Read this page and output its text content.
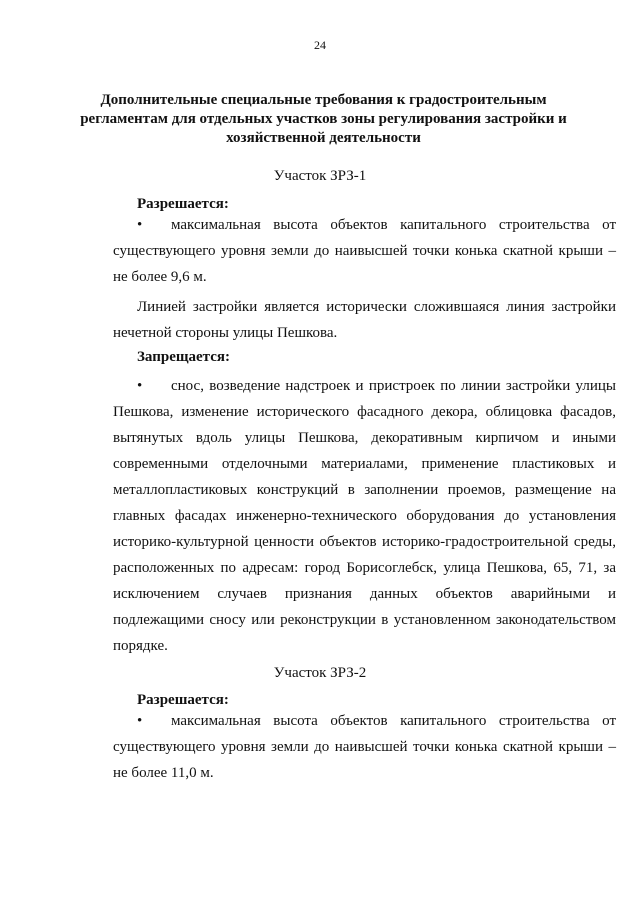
24
Дополнительные специальные требования к градостроительным регламентам для отдельных участков зоны регулирования застройки и хозяйственной деятельности
Участок ЗРЗ-1
Разрешается:
• максимальная высота объектов капитального строительства от существующего уровня земли до наивысшей точки конька скатной крыши – не более 9,6 м.
Линией застройки является исторически сложившаяся линия застройки нечетной стороны улицы Пешкова.
Запрещается:
• снос, возведение надстроек и пристроек по линии застройки улицы Пешкова, изменение исторического фасадного декора, облицовка фасадов, вытянутых вдоль улицы Пешкова, декоративным кирпичом и иными современными отделочными материалами, применение пластиковых и металлопластиковых конструкций в заполнении проемов, размещение на главных фасадах инженерно-технического оборудования до установления историко-культурной ценности объектов историко-градостроительной среды, расположенных по адресам: город Борисоглебск, улица Пешкова, 65, 71, за исключением случаев признания данных объектов аварийными и подлежащими сносу или реконструкции в установленном законодательством порядке.
Участок ЗРЗ-2
Разрешается:
• максимальная высота объектов капитального строительства от существующего уровня земли до наивысшей точки конька скатной крыши – не более 11,0 м.
